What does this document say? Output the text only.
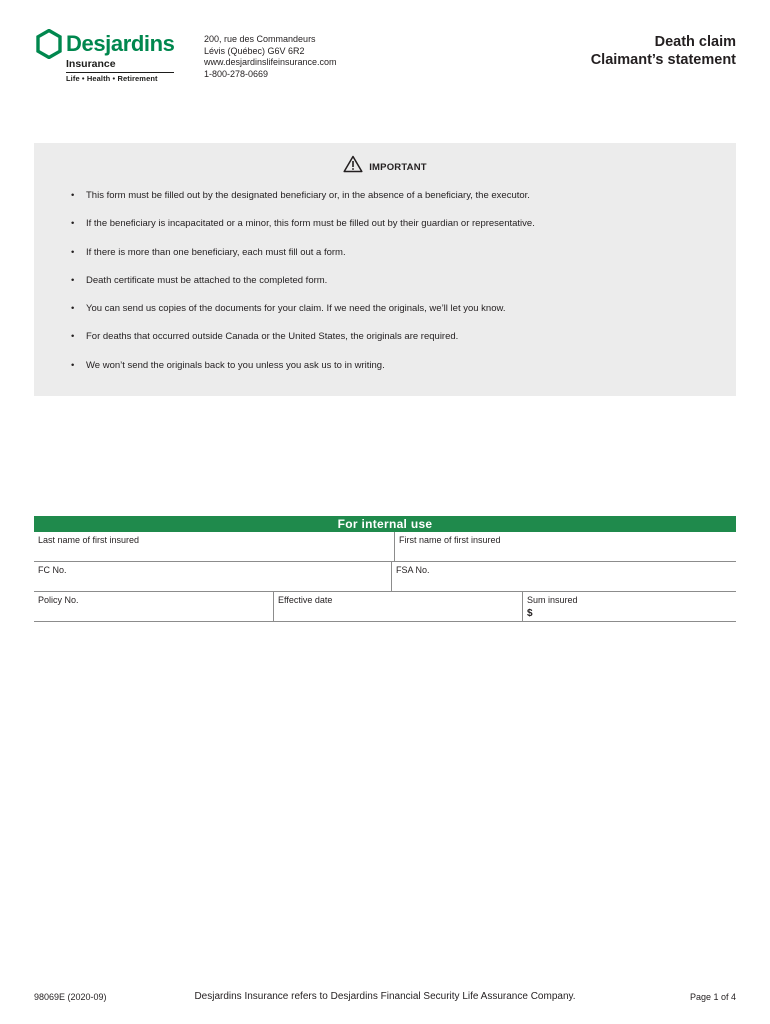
Desjardins
Insurance
Life • Health • Retirement
200, rue des Commandeurs
Lévis (Québec) G6V 6R2
www.desjardinslifeinsurance.com
1-800-278-0669
Death claim
Claimant’s statement
IMPORTANT
• This form must be filled out by the designated beneficiary or, in the absence of a beneficiary, the executor.
• If the beneficiary is incapacitated or a minor, this form must be filled out by their guardian or representative.
• If there is more than one beneficiary, each must fill out a form.
• Death certificate must be attached to the completed form.
• You can send us copies of the documents for your claim. If we need the originals, we’ll let you know.
• For deaths that occurred outside Canada or the United States, the originals are required.
• We won’t send the originals back to you unless you ask us to in writing.
For internal use
Last name of first insured	First name of first insured
FC No.	FSA No.
Policy No.	Effective date	Sum insured
$
98069E (2020-09)	Desjardins Insurance refers to Desjardins Financial Security Life Assurance Company.	Page 1 of 4
